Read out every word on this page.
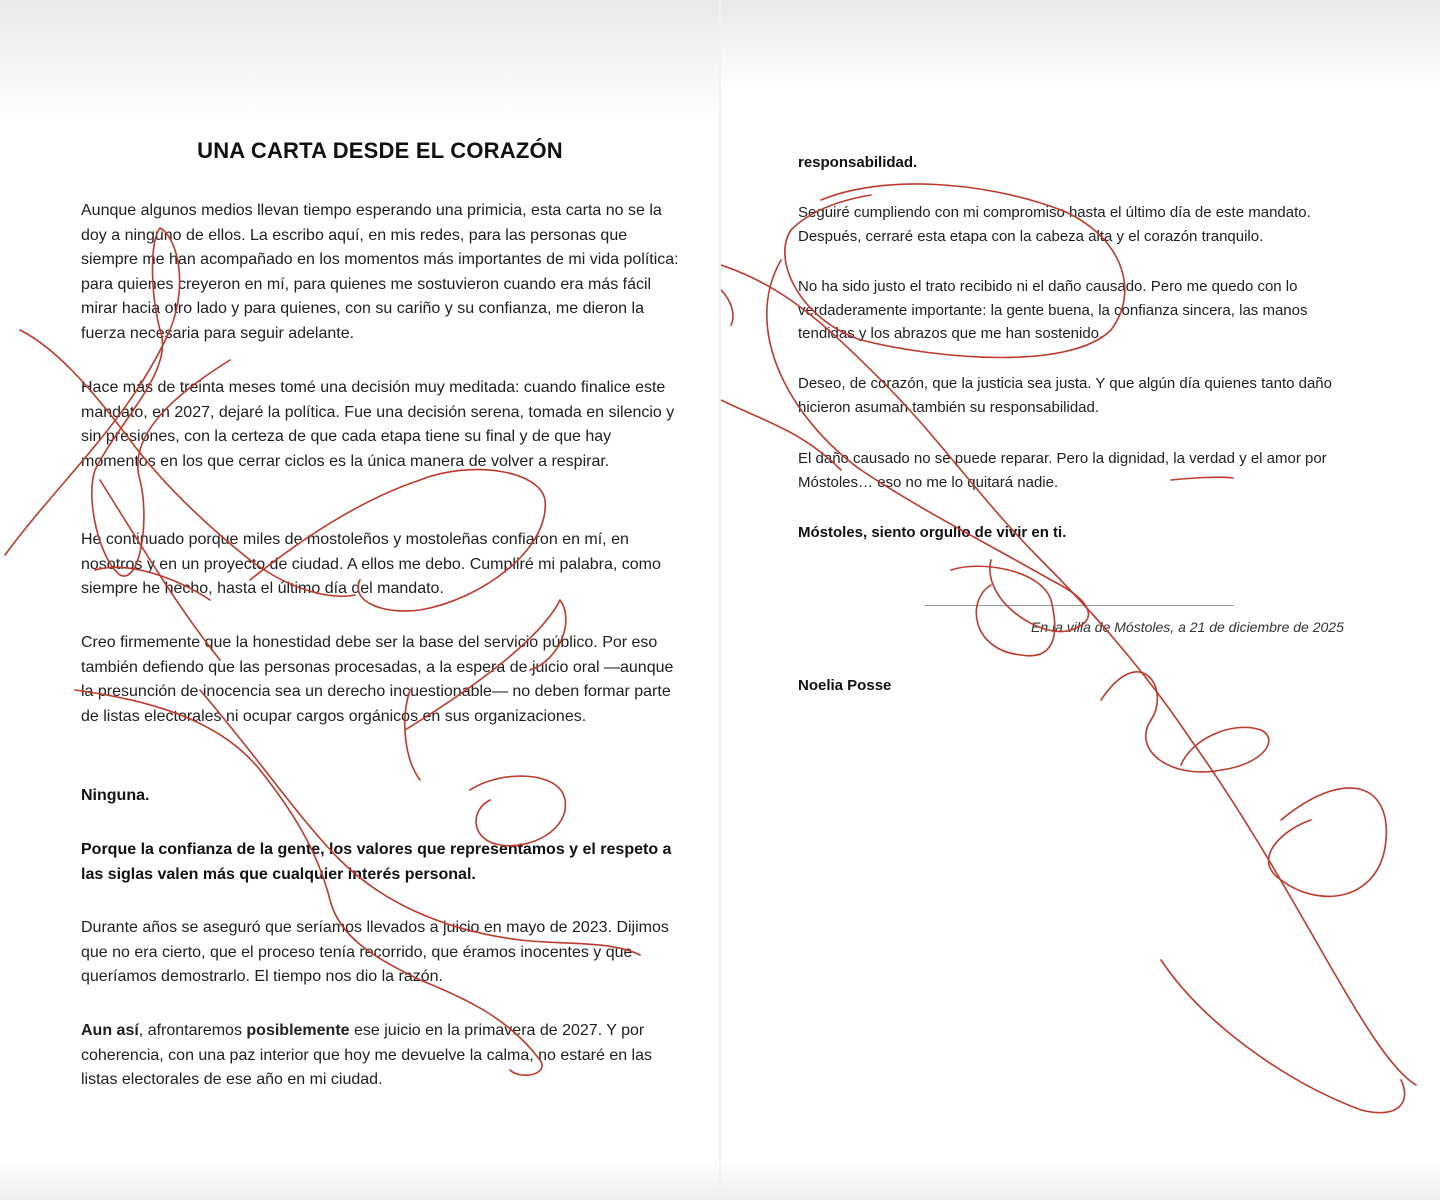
UNA CARTA DESDE EL CORAZÓN

Aunque algunos medios llevan tiempo esperando una primicia, esta carta no se la doy a ninguno de ellos. La escribo aquí, en mis redes, para las personas que siempre me han acompañado en los momentos más importantes de mi vida política: para quienes creyeron en mí, para quienes me sostuvieron cuando era más fácil mirar hacia otro lado y para quienes, con su cariño y su confianza, me dieron la fuerza necesaria para seguir adelante.

Hace más de treinta meses tomé una decisión muy meditada: cuando finalice este mandato, en 2027, dejaré la política. Fue una decisión serena, tomada en silencio y sin presiones, con la certeza de que cada etapa tiene su final y de que hay momentos en los que cerrar ciclos es la única manera de volver a respirar.

He continuado porque miles de mostoleños y mostoleñas confiaron en mí, en nosotros y en un proyecto de ciudad. A ellos me debo. Cumpliré mi palabra, como siempre he hecho, hasta el último día del mandato.

Creo firmemente que la honestidad debe ser la base del servicio público. Por eso también defiendo que las personas procesadas, a la espera de juicio oral —aunque la presunción de inocencia sea un derecho incuestionable— no deben formar parte de listas electorales ni ocupar cargos orgánicos en sus organizaciones.

Ninguna.

Porque la confianza de la gente, los valores que representamos y el respeto a las siglas valen más que cualquier interés personal.

Durante años se aseguró que seríamos llevados a juicio en mayo de 2023. Dijimos que no era cierto, que el proceso tenía recorrido, que éramos inocentes y que queríamos demostrarlo. El tiempo nos dio la razón.

Aun así, afrontaremos posiblemente ese juicio en la primavera de 2027. Y por coherencia, con una paz interior que hoy me devuelve la calma, no estaré en las listas electorales de ese año en mi ciudad.

responsabilidad.

Seguiré cumpliendo con mi compromiso hasta el último día de este mandato. Después, cerraré esta etapa con la cabeza alta y el corazón tranquilo.

No ha sido justo el trato recibido ni el daño causado. Pero me quedo con lo verdaderamente importante: la gente buena, la confianza sincera, las manos tendidas y los abrazos que me han sostenido.

Deseo, de corazón, que la justicia sea justa. Y que algún día quienes tanto daño hicieron asuman también su responsabilidad.

El daño causado no se puede reparar. Pero la dignidad, la verdad y el amor por Móstoles… eso no me lo quitará nadie.

Móstoles, siento orgullo de vivir en ti.

En la villa de Móstoles, a 21 de diciembre de 2025

Noelia Posse
